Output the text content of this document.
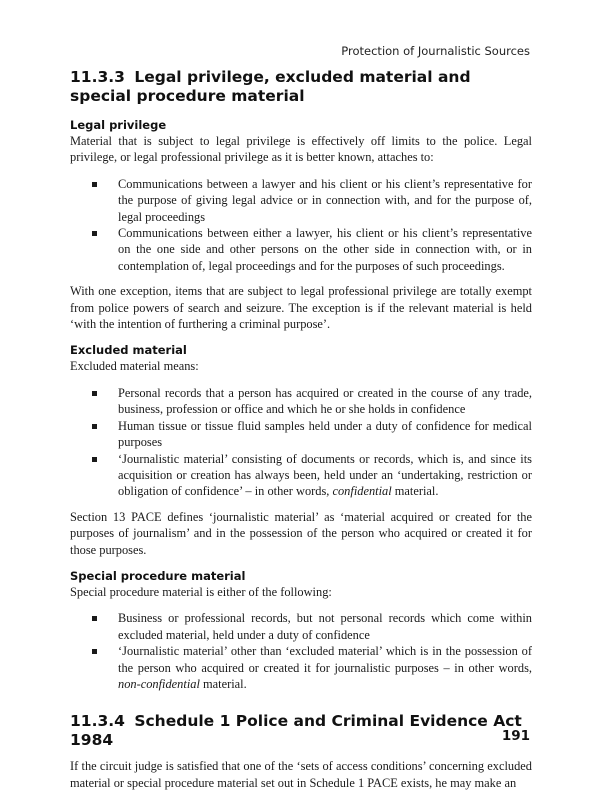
Protection of Journalistic Sources
11.3.3 Legal privilege, excluded material and special procedure material
Legal privilege

Material that is subject to legal privilege is effectively off limits to the police. Legal privilege, or legal professional privilege as it is better known, attaches to:

Communications between a lawyer and his client or his client’s representative for the purpose of giving legal advice or in connection with, and for the purpose of, legal proceedings
Communications between either a lawyer, his client or his client’s representative on the one side and other persons on the other side in connection with, or in contemplation of, legal proceedings and for the purposes of such proceedings.

With one exception, items that are subject to legal professional privilege are totally exempt from police powers of search and seizure. The exception is if the relevant material is held ‘with the intention of furthering a criminal purpose’.

Excluded material

Excluded material means:

Personal records that a person has acquired or created in the course of any trade, business, profession or office and which he or she holds in confidence
Human tissue or tissue fluid samples held under a duty of confidence for medical purposes
‘Journalistic material’ consisting of documents or records, which is, and since its acquisition or creation has always been, held under an ‘undertaking, restriction or obligation of confidence’ – in other words, confidential material.

Section 13 PACE defines ‘journalistic material’ as ‘material acquired or created for the purposes of journalism’ and in the possession of the person who acquired or created it for those purposes.

Special procedure material

Special procedure material is either of the following:

Business or professional records, but not personal records which come within excluded material, held under a duty of confidence
‘Journalistic material’ other than ‘excluded material’ which is in the possession of the person who acquired or created it for journalistic purposes – in other words, non-confidential material.
11.3.4 Schedule 1 Police and Criminal Evidence Act 1984

If the circuit judge is satisfied that one of the ‘sets of access conditions’ concerning excluded material or special procedure material set out in Schedule 1 PACE exists, he may make an

191
